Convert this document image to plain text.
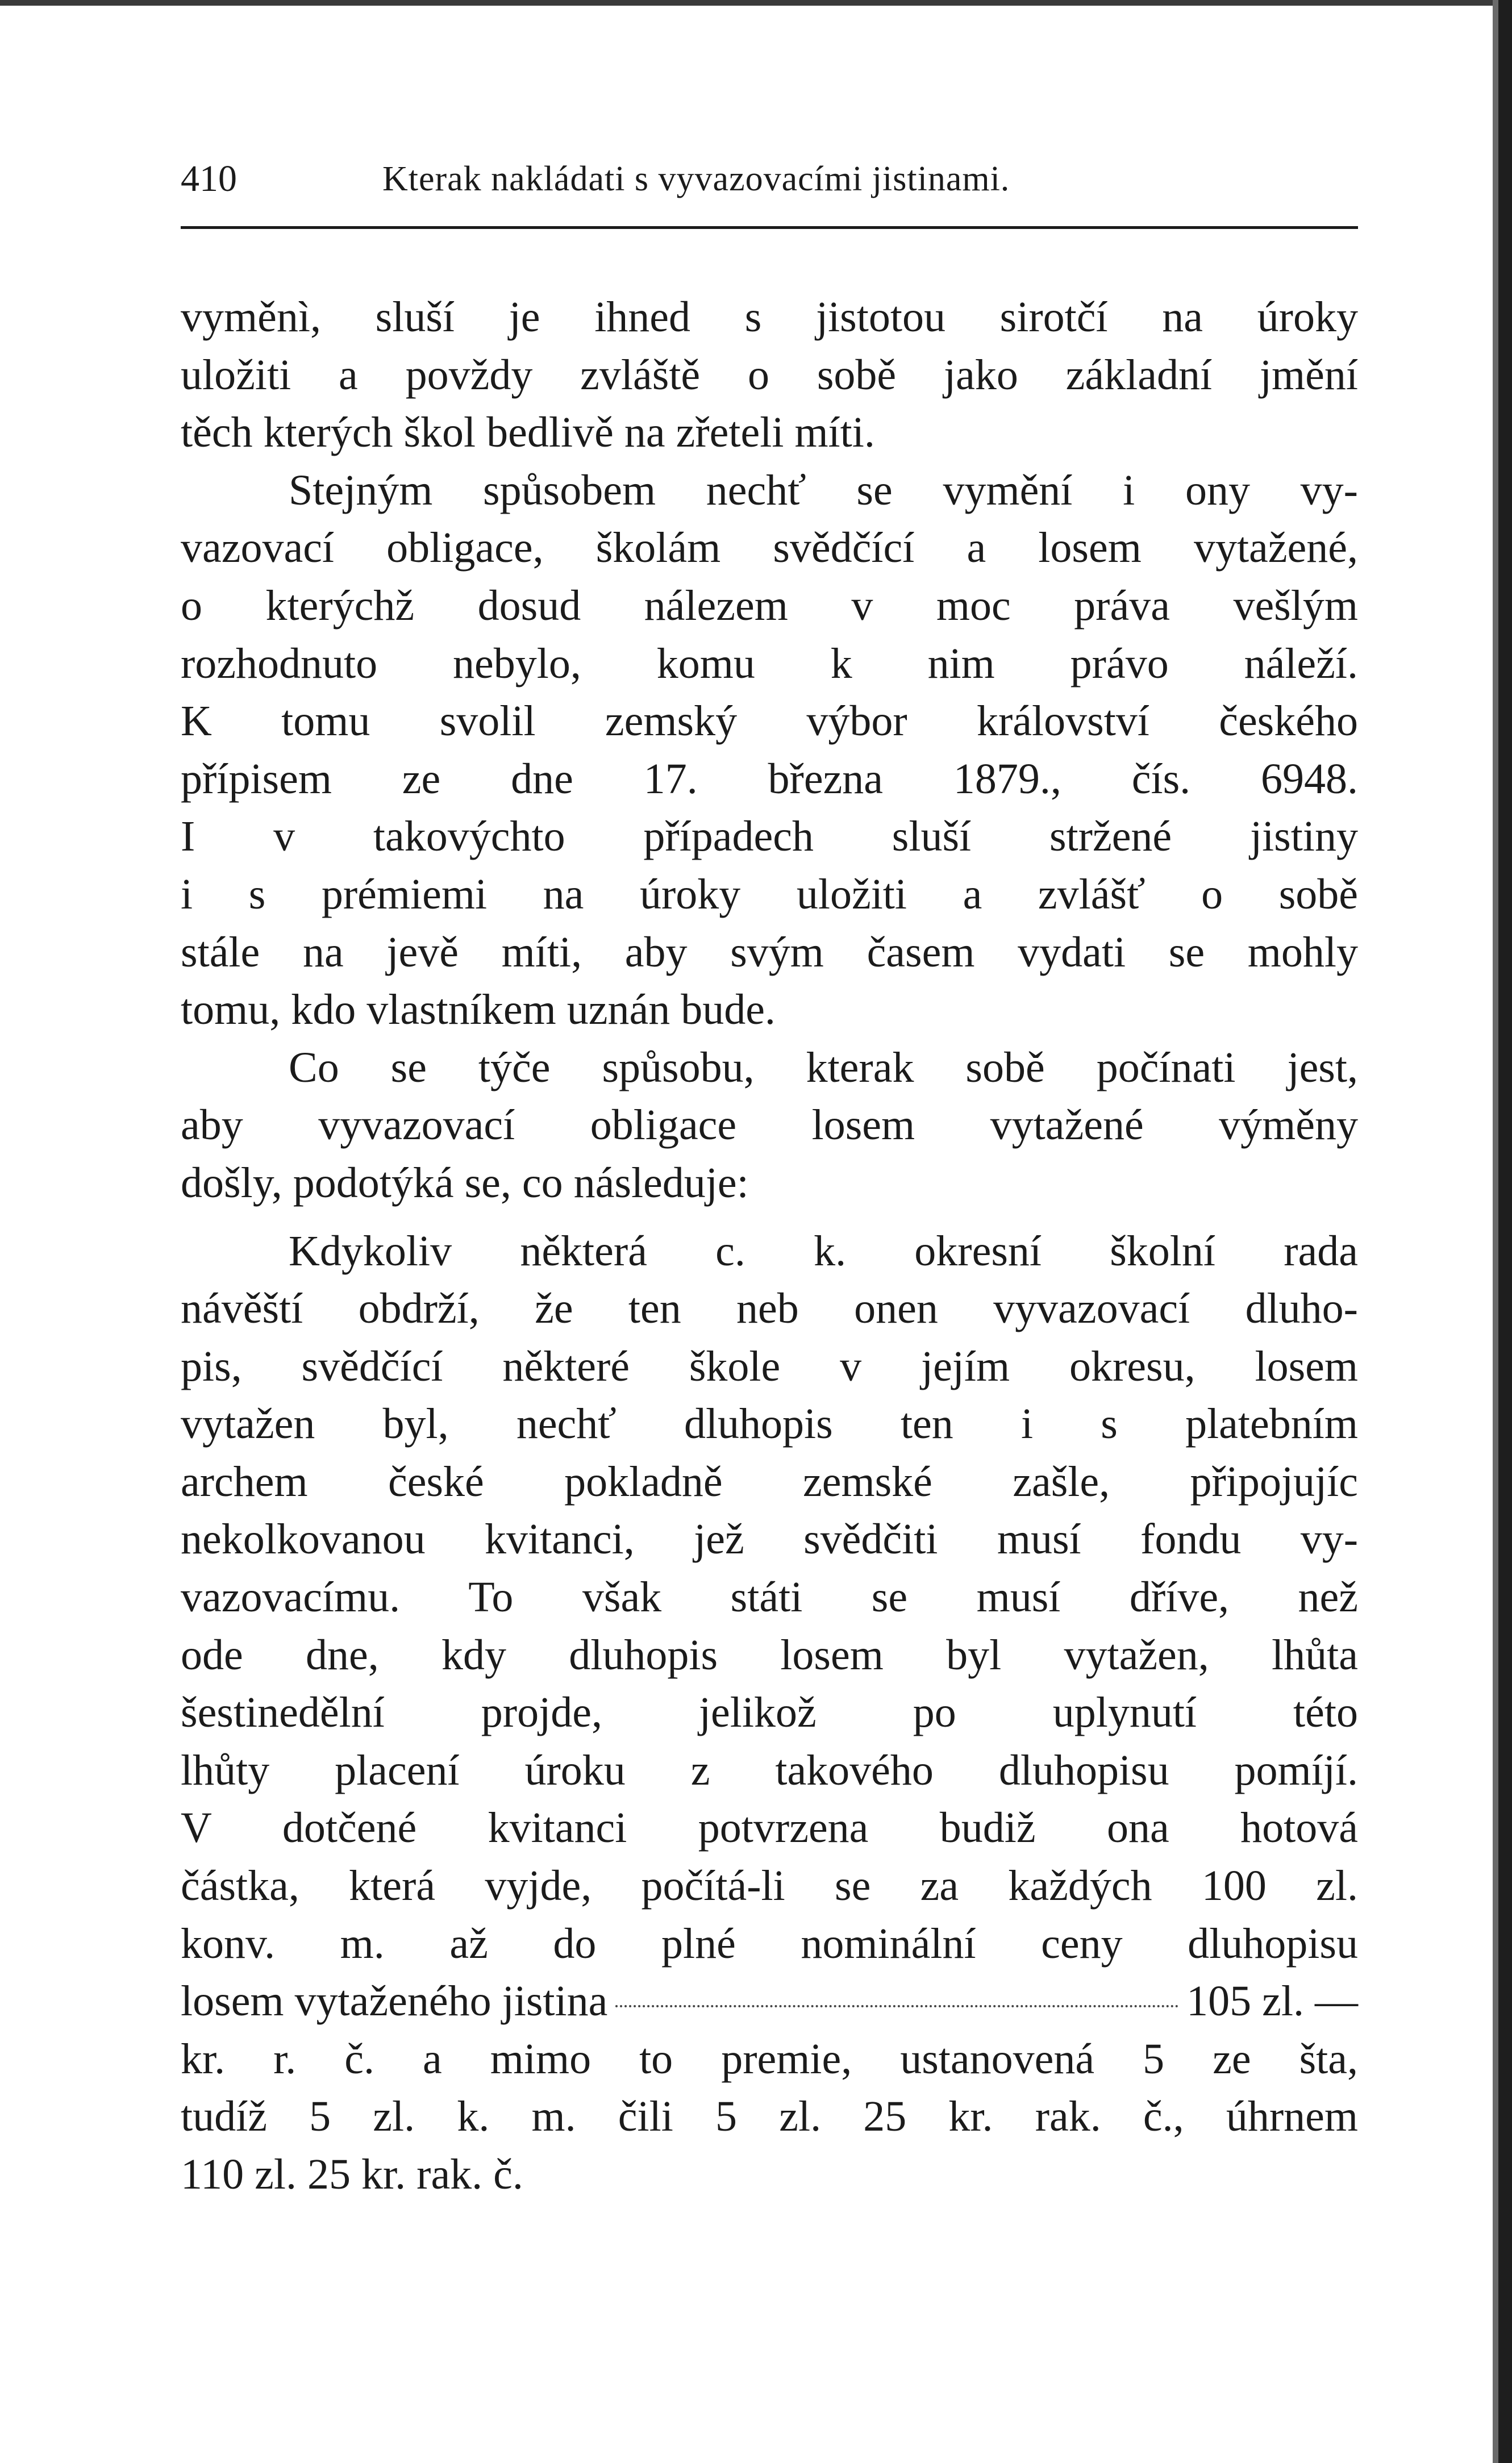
410	Kterak nakládati s vyvazovacími jistinami.
vyměnì, sluší je ihned s jistotou sirotčí na úroky
uložiti a povždy zvláště o sobě jako základní jmění
těch kterých škol bedlivě na zřeteli míti.
Stejným spůsobem nechť se vymění i ony vy-
vazovací obligace, školám svědčící a losem vytažené,
o kterýchž dosud nálezem v moc práva vešlým
rozhodnuto nebylo, komu k nim právo náleží.
K tomu svolil zemský výbor království českého
přípisem ze dne 17. března 1879., čís. 6948.
I v takovýchto případech sluší stržené jistiny
i s prémiemi na úroky uložiti a zvlášť o sobě
stále na jevě míti, aby svým časem vydati se mohly
tomu, kdo vlastníkem uznán bude.
Co se týče spůsobu, kterak sobě počínati jest,
aby vyvazovací obligace losem vytažené výměny
došly, podotýká se, co následuje:
Kdykoliv některá c. k. okresní školní rada
návěští obdrží, že ten neb onen vyvazovací dluho-
pis, svědčící některé škole v jejím okresu, losem
vytažen byl, nechť dluhopis ten i s platebním
archem české pokladně zemské zašle, připojujíc
nekolkovanou kvitanci, jež svědčiti musí fondu vy-
vazovacímu. To však státi se musí dříve, než
ode dne, kdy dluhopis losem byl vytažen, lhůta
šestinedělní projde, jelikož po uplynutí této
lhůty placení úroku z takového dluhopisu pomíjí.
V dotčené kvitanci potvrzena budiž ona hotová
částka, která vyjde, počítá-li se za každých 100 zl.
konv. m. až do plné nominální ceny dluhopisu
losem vytaženého jistina	105 zl. —
kr. r. č. a mimo to premie, ustanovená 5 ze šta,
tudíž 5 zl. k. m. čili 5 zl. 25 kr. rak. č., úhrnem
110 zl. 25 kr. rak. č.
